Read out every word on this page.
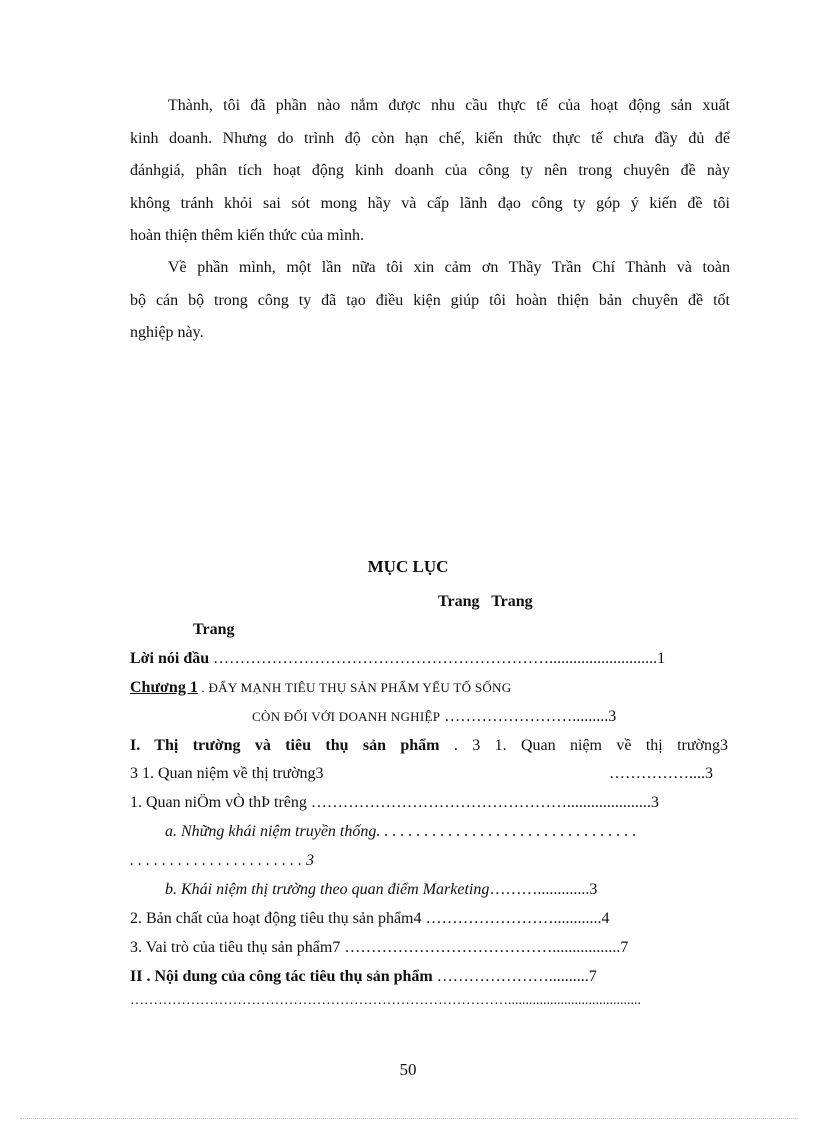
Thành, tôi đã phần nào nắm được nhu cầu thực tế của hoạt động sản xuất
kinh doanh. Nhưng do trình độ còn hạn chế, kiến thức thực tế chưa đầy đủ để
đánhgiá, phân tích hoạt động kinh doanh của công ty nên trong chuyên đề này
không tránh khỏi sai sót mong hầy và cấp lãnh đạo công ty góp ý kiến đề tôi
hoàn thiện thêm kiến thức của mình.
Về phần mình, một lần nữa tôi xin cảm ơn Thầy Trần Chí Thành và toàn
bộ cán bộ trong công ty đã tạo điều kiện giúp tôi hoàn thiện bản chuyên đề tốt
nghiệp này.
MỤC LỤC
Trang   Trang
Trang
Lời nói đầu ………………………………………………………...........................1
Chương 1 . ĐẨY MẠNH TIÊU THỤ SẢN PHẨM YẾU TỐ SỐNG
CÒN ĐỐI VỚI DOANH NGHIỆP …………………….........3
I. Thị trường và tiêu thụ sản phẩm . 3 1. Quan niệm về thị trường3
3 1. Quan niệm về thị trường3	……………....3
1. Quan niÖm vÒ thÞ trêng ………………………………………….....................3
a. Những khái niệm truyền thống. . . . . . . . . . . . . . . . . . . . . . . . . . . . . . . . .
. . . . . . . . . . . . . . . . . . . . . . 3
b. Khái niệm thị trường theo quan điểm Marketing……….............3
2. Bản chất của hoạt động tiêu thụ sản phẩm4 ……………………............4
3. Vai trò của tiêu thụ sản phẩm7 ………………………………….................7
II . Nội dung của công tác tiêu thụ sản phẩm …………………..........7
………………………………………………………………………......................................
50
